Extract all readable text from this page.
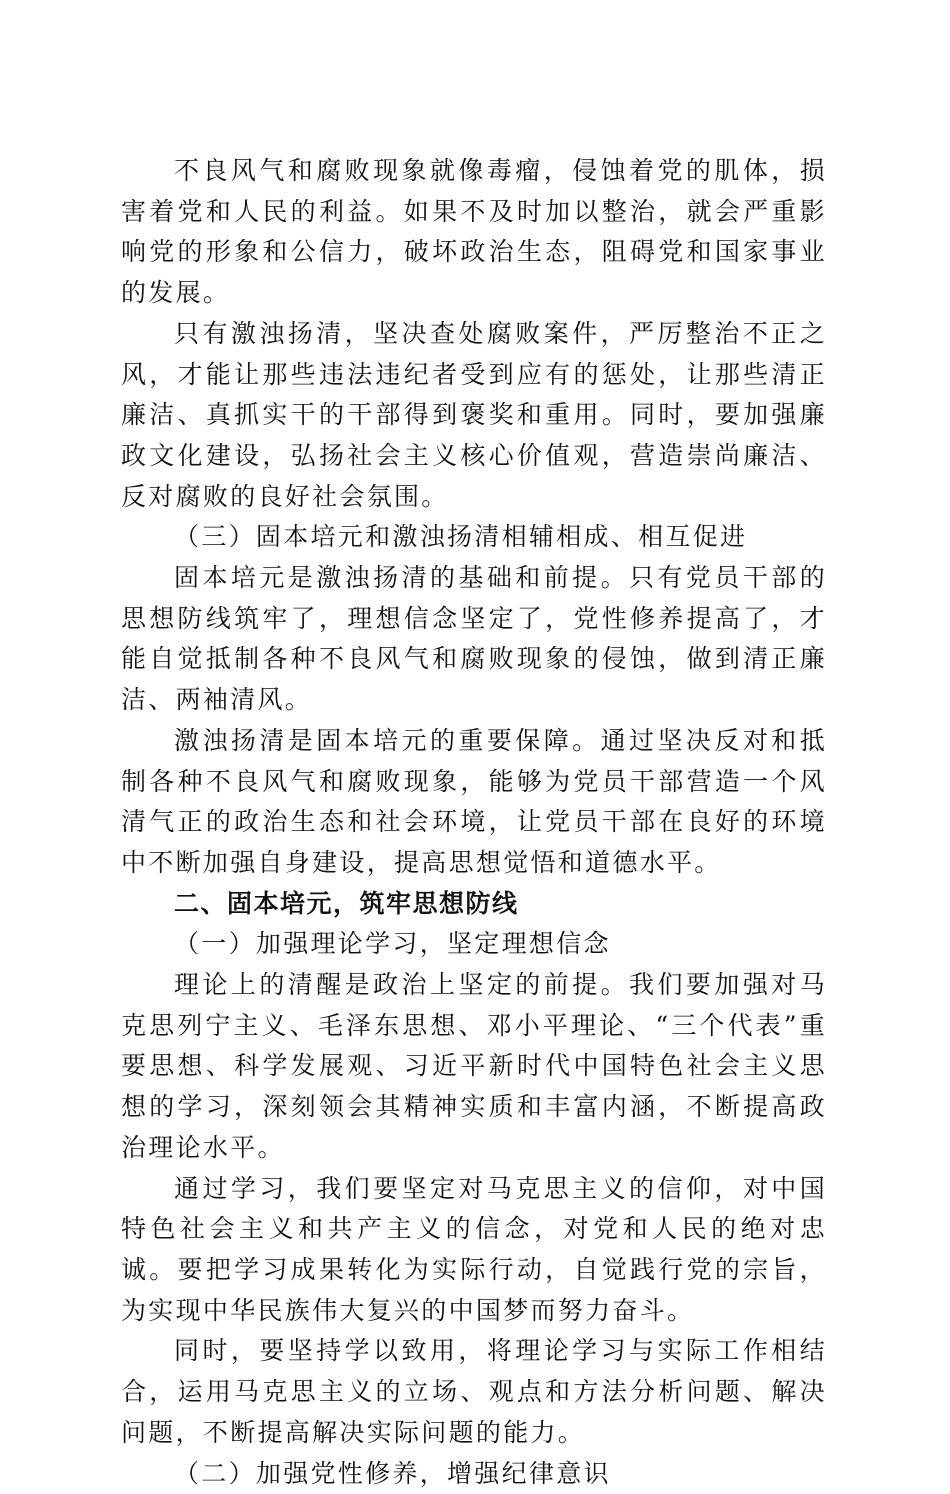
不良风气和腐败现象就像毒瘤，侵蚀着党的肌体，损害着党和人民的利益。如果不及时加以整治，就会严重影响党的形象和公信力，破坏政治生态，阻碍党和国家事业的发展。

只有激浊扬清，坚决查处腐败案件，严厉整治不正之风，才能让那些违法违纪者受到应有的惩处，让那些清正廉洁、真抓实干的干部得到褒奖和重用。同时，要加强廉政文化建设，弘扬社会主义核心价值观，营造崇尚廉洁、反对腐败的良好社会氛围。

（三）固本培元和激浊扬清相辅相成、相互促进

固本培元是激浊扬清的基础和前提。只有党员干部的思想防线筑牢了，理想信念坚定了，党性修养提高了，才能自觉抵制各种不良风气和腐败现象的侵蚀，做到清正廉洁、两袖清风。

激浊扬清是固本培元的重要保障。通过坚决反对和抵制各种不良风气和腐败现象，能够为党员干部营造一个风清气正的政治生态和社会环境，让党员干部在良好的环境中不断加强自身建设，提高思想觉悟和道德水平。

二、固本培元，筑牢思想防线

（一）加强理论学习，坚定理想信念

理论上的清醒是政治上坚定的前提。我们要加强对马克思列宁主义、毛泽东思想、邓小平理论、“三个代表”重要思想、科学发展观、习近平新时代中国特色社会主义思想的学习，深刻领会其精神实质和丰富内涵，不断提高政治理论水平。

通过学习，我们要坚定对马克思主义的信仰，对中国特色社会主义和共产主义的信念，对党和人民的绝对忠诚。要把学习成果转化为实际行动，自觉践行党的宗旨，为实现中华民族伟大复兴的中国梦而努力奋斗。

同时，要坚持学以致用，将理论学习与实际工作相结合，运用马克思主义的立场、观点和方法分析问题、解决问题，不断提高解决实际问题的能力。

（二）加强党性修养，增强纪律意识
